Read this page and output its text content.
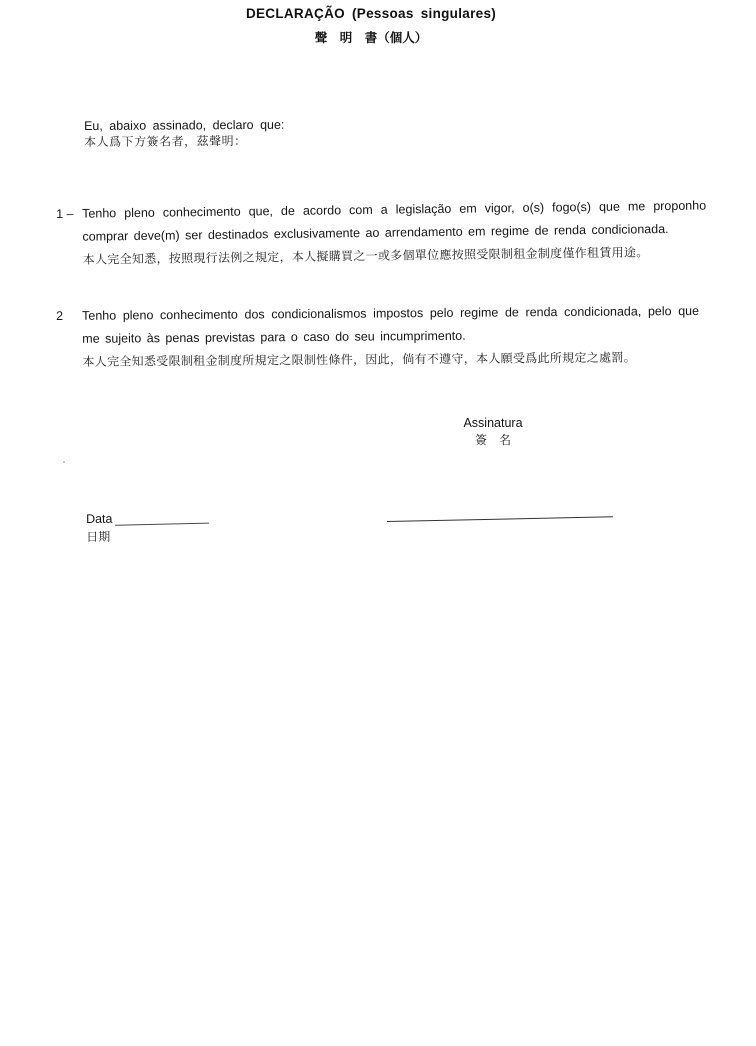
DECLARAÇÃO (Pessoas singulares)
聲　明　書（個人）
Eu, abaixo assinado, declaro que:
本人爲下方簽名者，茲聲明：
1 – Tenho pleno conhecimento que, de acordo com a legislação em vigor, o(s) fogo(s) que me proponho comprar deve(m) ser destinados exclusivamente ao arrendamento em regime de renda condicionada.
本人完全知悉，按照現行法例之規定，本人擬購買之一或多個單位應按照受限制租金制度僅作租賃用途。
2	Tenho pleno conhecimento dos condicionalismos impostos pelo regime de renda condicionada, pelo que me sujeito às penas previstas para o caso do seu incumprimento.
本人完全知悉受限制租金制度所規定之限制性條件，因此，倘有不遵守，本人願受爲此所規定之處罰。
Assinatura
簽　名
Data
日期
